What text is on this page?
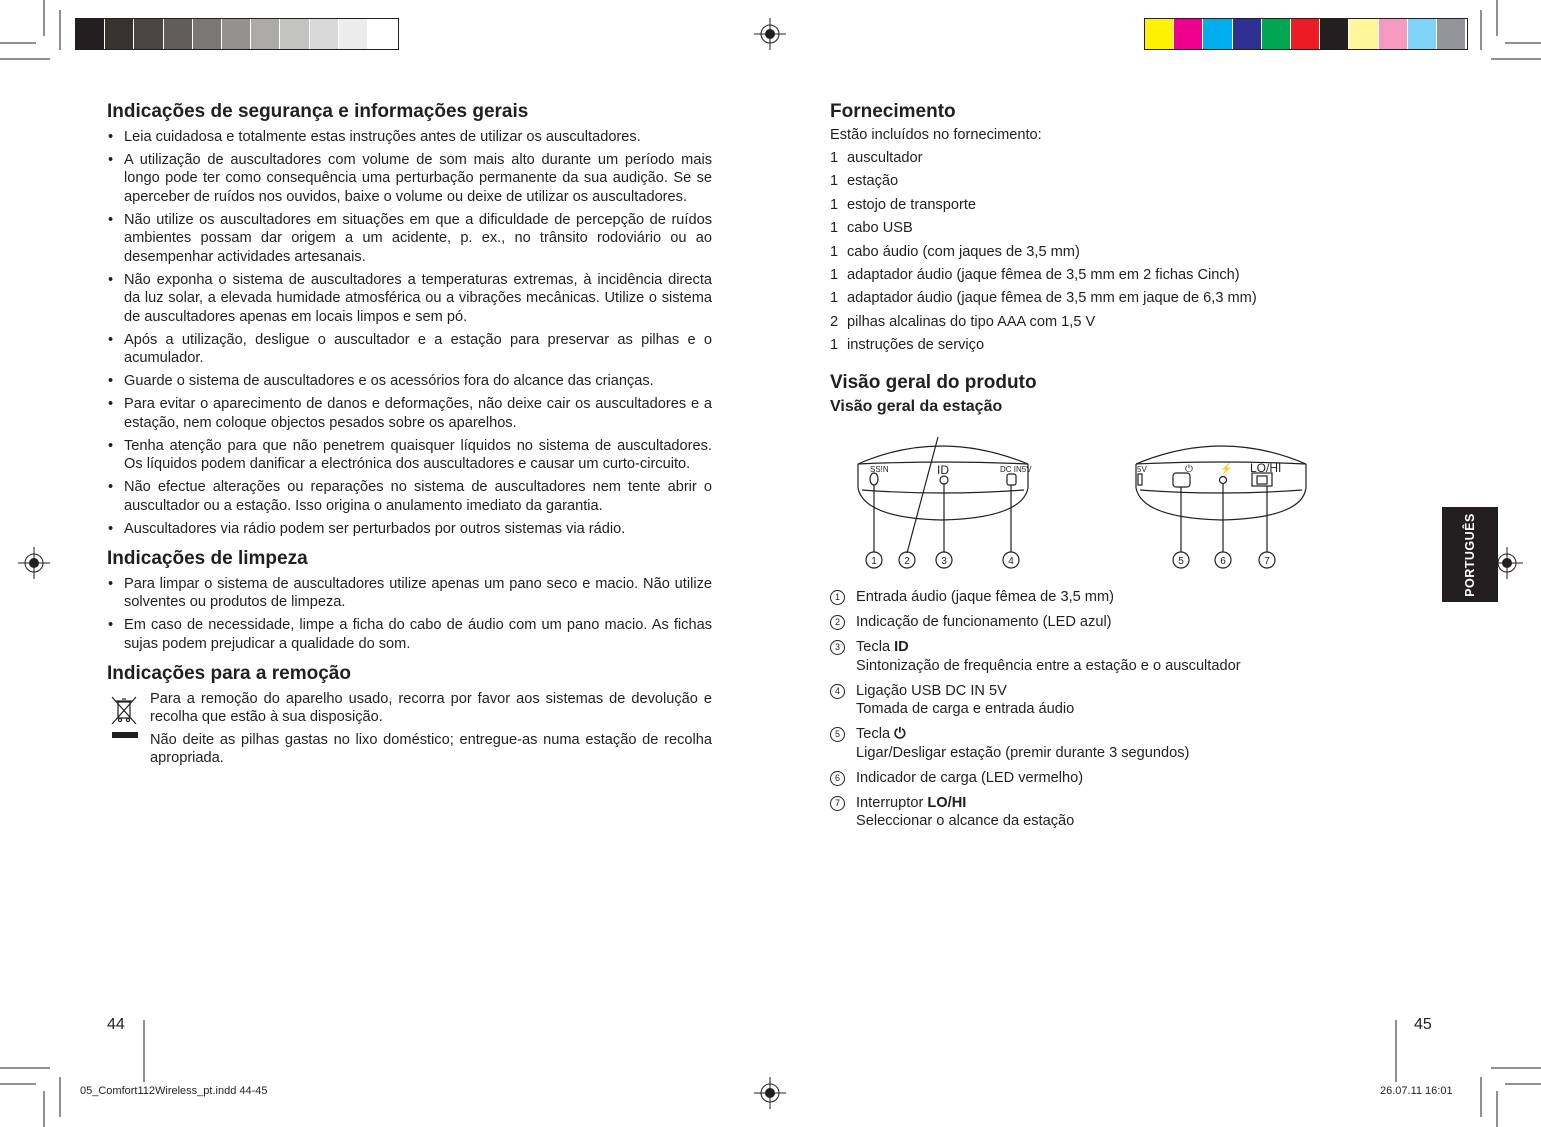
Indicações de segurança e informações gerais
• Leia cuidadosa e totalmente estas instruções antes de utilizar os auscultadores.
• A utilização de auscultadores com volume de som mais alto durante um período mais longo pode ter como consequência uma perturbação permanente da sua audição. Se se aperceber de ruídos nos ouvidos, baixe o volume ou deixe de utilizar os auscultadores.
• Não utilize os auscultadores em situações em que a dificuldade de percepção de ruídos ambientes possam dar origem a um acidente, p. ex., no trânsito rodoviário ou ao desempenhar actividades artesanais.
• Não exponha o sistema de auscultadores a temperaturas extremas, à incidência directa da luz solar, a elevada humidade atmosférica ou a vibrações mecânicas. Utilize o sistema de auscultadores apenas em locais limpos e sem pó.
• Após a utilização, desligue o auscultador e a estação para preservar as pilhas e o acumulador.
• Guarde o sistema de auscultadores e os acessórios fora do alcance das crianças.
• Para evitar o aparecimento de danos e deformações, não deixe cair os auscultadores e a estação, nem coloque objectos pesados sobre os aparelhos.
• Tenha atenção para que não penetrem quaisquer líquidos no sistema de auscultadores. Os líquidos podem danificar a electrónica dos auscultadores e causar um curto-circuito.
• Não efectue alterações ou reparações no sistema de auscultadores nem tente abrir o auscultador ou a estação. Isso origina o anulamento imediato da garantia.
• Auscultadores via rádio podem ser perturbados por outros sistemas via rádio.
Indicações de limpeza
• Para limpar o sistema de auscultadores utilize apenas um pano seco e macio. Não utilize solventes ou produtos de limpeza.
• Em caso de necessidade, limpe a ficha do cabo de áudio com um pano macio. As fichas sujas podem prejudicar a qualidade do som.
Indicações para a remoção

Para a remoção do aparelho usado, recorra por favor aos sistemas de devolução e recolha que estão à sua disposição.

Não deite as pilhas gastas no lixo doméstico; entregue-as numa estação de recolha apropriada.

Fornecimento
Estão incluídos no fornecimento:
1 auscultador
1 estação
1 estojo de transporte
1 cabo USB
1 cabo áudio (com jaques de 3,5 mm)
1 adaptador áudio (jaque fêmea de 3,5 mm em 2 fichas Cinch)
1 adaptador áudio (jaque fêmea de 3,5 mm em jaque de 6,3 mm)
2 pilhas alcalinas do tipo AAA com 1,5 V
1 instruções de serviço
Visão geral do produto
Visão geral da estação
SS!N	ID	DC IN5V	5V	LO/HI
⏻	⚡
1	2	3	4	5	6	7
1	Entrada áudio (jaque fêmea de 3,5 mm)
2	Indicação de funcionamento (LED azul)
3	Tecla ID
Sintonização de frequência entre a estação e o auscultador
4	Ligação USB DC IN 5V
Tomada de carga e entrada áudio
5	Tecla ⏻
Ligar/Desligar estação (premir durante 3 segundos)
6	Indicador de carga (LED vermelho)
7	Interruptor LO/HI
Seleccionar o alcance da estação
PORTUGUÊS
44	45
05_Comfort112Wireless_pt.indd 44-45	26.07.11 16:01
